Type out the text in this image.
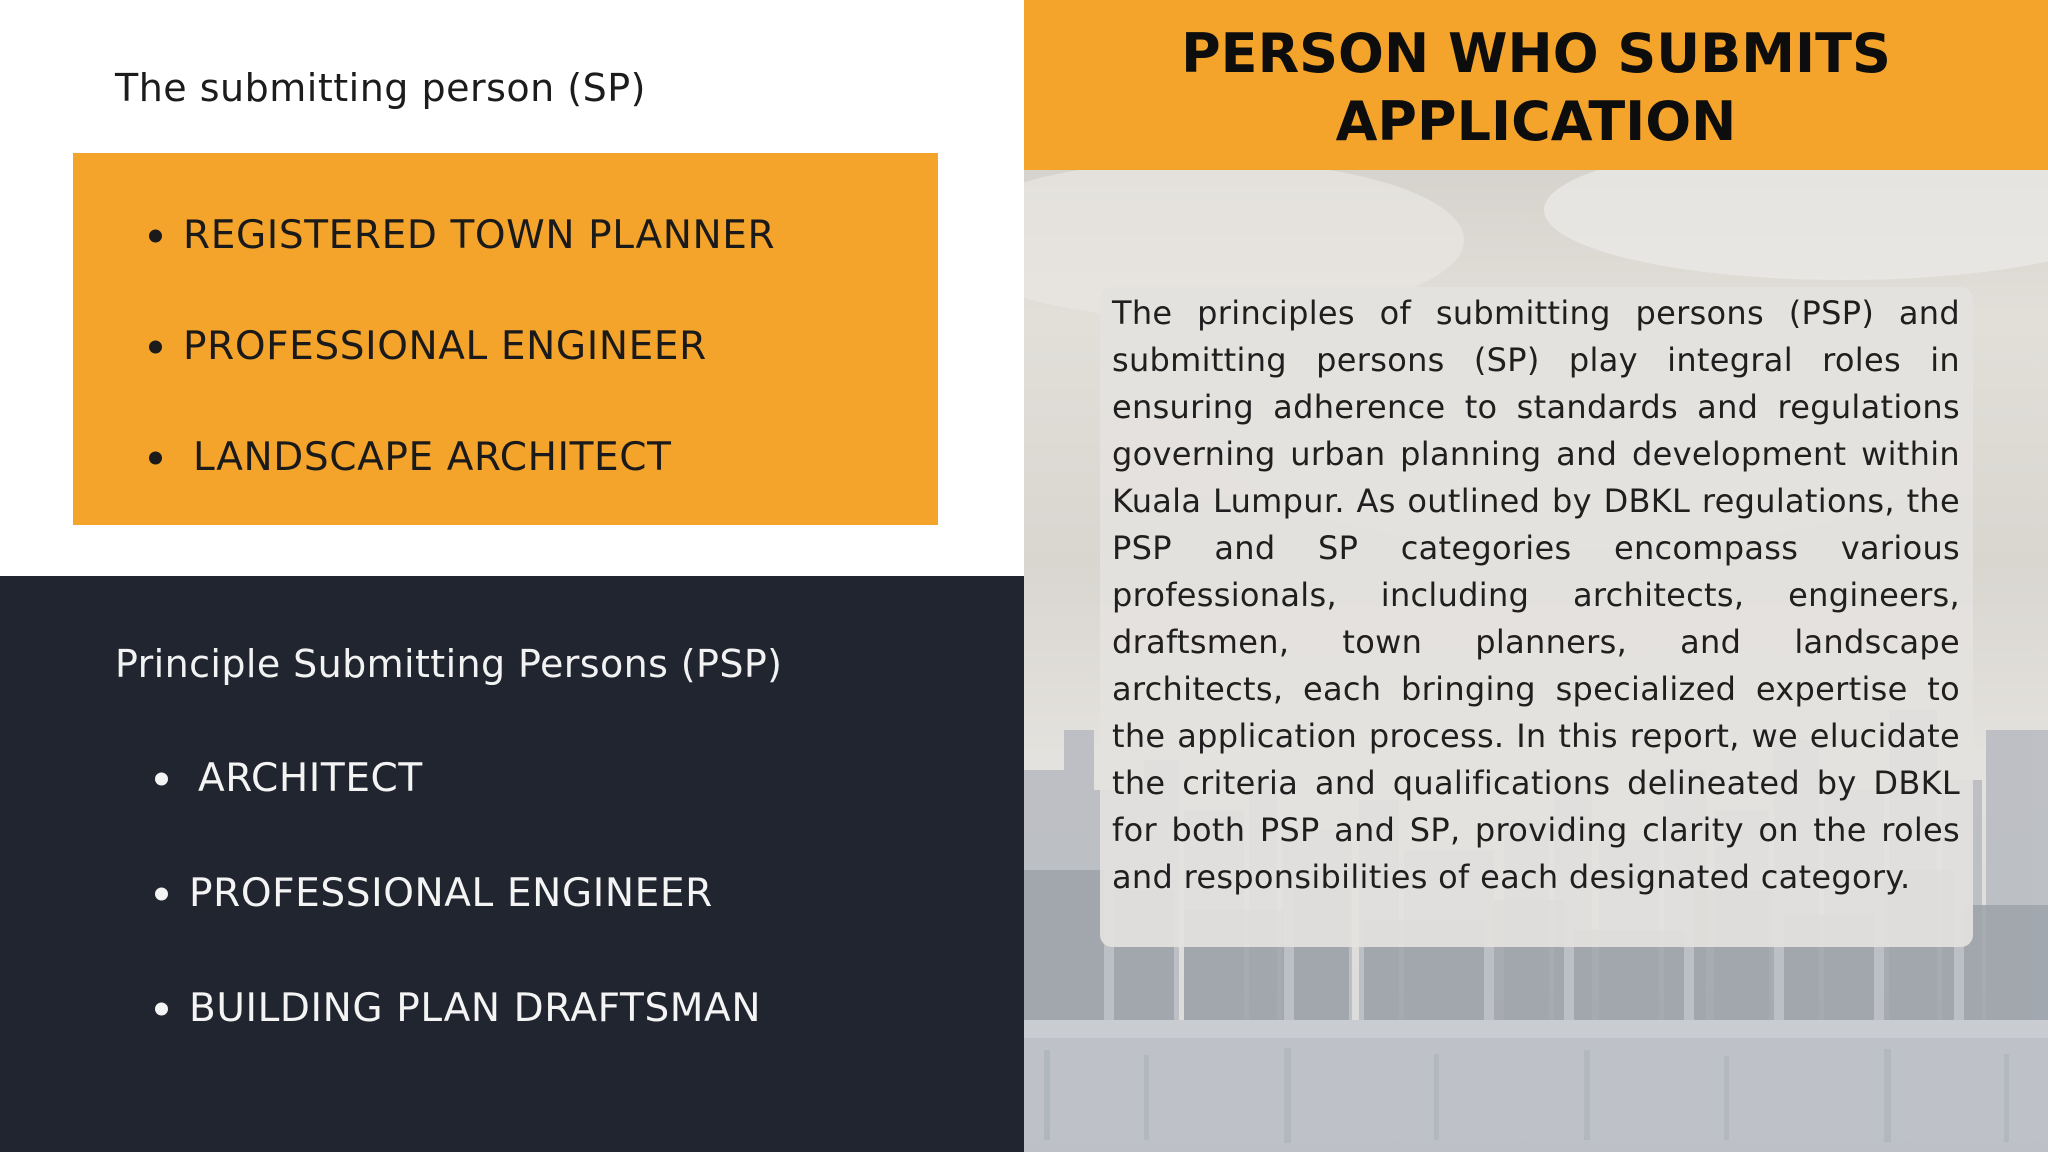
The submitting person (SP)
REGISTERED TOWN PLANNER
PROFESSIONAL ENGINEER
LANDSCAPE ARCHITECT
Principle Submitting Persons (PSP)
ARCHITECT
PROFESSIONAL ENGINEER
BUILDING PLAN DRAFTSMAN
PERSON WHO SUBMITS
APPLICATION

The principles of submitting persons (PSP) and submitting persons (SP) play integral roles in ensuring adherence to standards and regulations governing urban planning and development within Kuala Lumpur. As outlined by DBKL regulations, the PSP and SP categories encompass various professionals, including architects, engineers, draftsmen, town planners, and landscape architects, each bringing specialized expertise to the application process. In this report, we elucidate the criteria and qualifications delineated by DBKL for both PSP and SP, providing clarity on the roles and responsibilities of each designated category.
